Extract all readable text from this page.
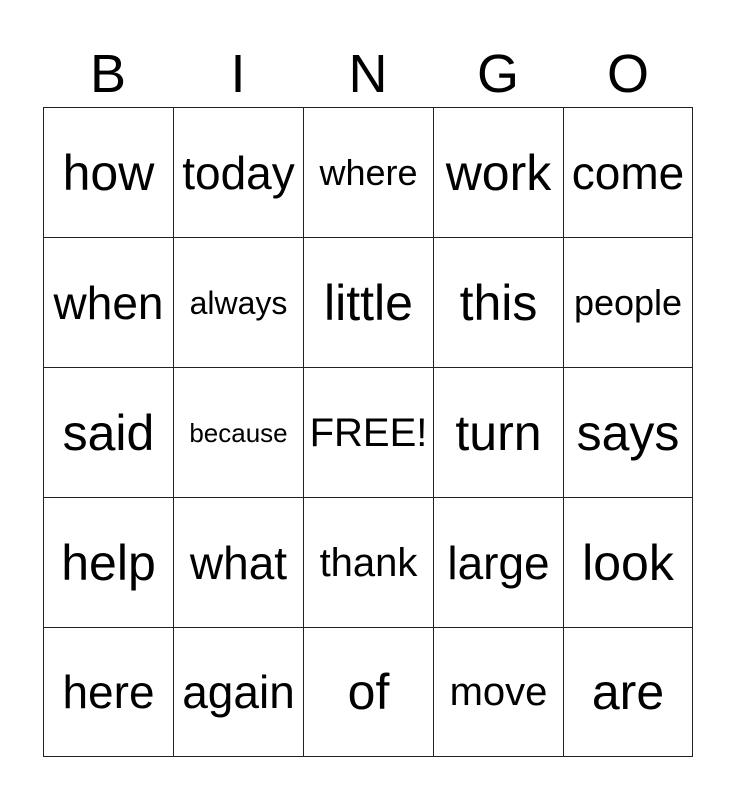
B	I	N	G	O
how today where work come
when always little this	people
said	because FREE! turn says
help what thank large look
here again	of	move are
